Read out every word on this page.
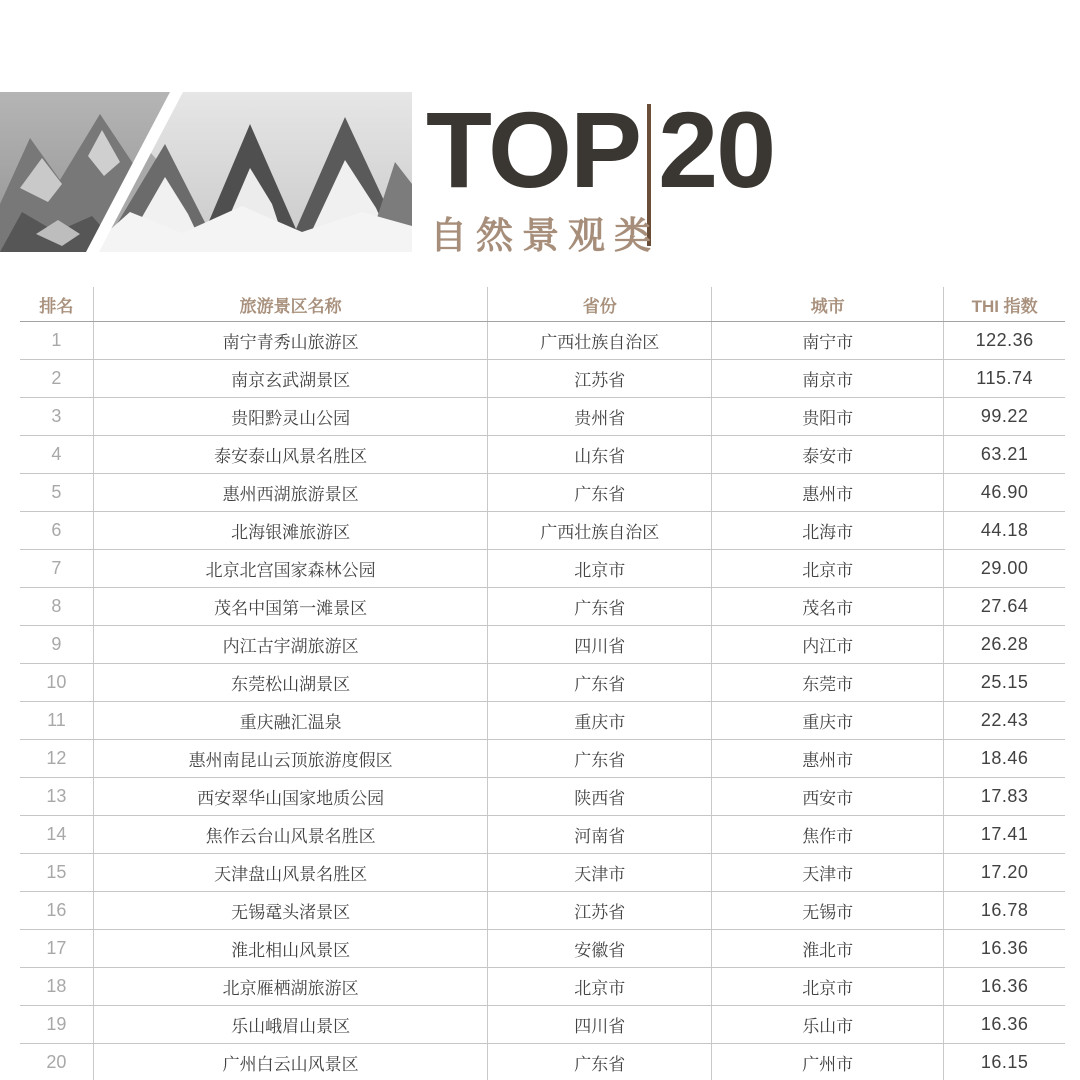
TOP 20
自然景观类
排名	旅游景区名称	省份	城市	THI 指数
1	南宁青秀山旅游区	广西壮族自治区	南宁市	122.36
2	南京玄武湖景区	江苏省	南京市	115.74
3	贵阳黔灵山公园	贵州省	贵阳市	99.22
4	泰安泰山风景名胜区	山东省	泰安市	63.21
5	惠州西湖旅游景区	广东省	惠州市	46.90
6	北海银滩旅游区	广西壮族自治区	北海市	44.18
7	北京北宫国家森林公园	北京市	北京市	29.00
8	茂名中国第一滩景区	广东省	茂名市	27.64
9	内江古宇湖旅游区	四川省	内江市	26.28
10	东莞松山湖景区	广东省	东莞市	25.15
11	重庆融汇温泉	重庆市	重庆市	22.43
12	惠州南昆山云顶旅游度假区	广东省	惠州市	18.46
13	西安翠华山国家地质公园	陕西省	西安市	17.83
14	焦作云台山风景名胜区	河南省	焦作市	17.41
15	天津盘山风景名胜区	天津市	天津市	17.20
16	无锡鼋头渚景区	江苏省	无锡市	16.78
17	淮北相山风景区	安徽省	淮北市	16.36
18	北京雁栖湖旅游区	北京市	北京市	16.36
19	乐山峨眉山景区	四川省	乐山市	16.36
20	广州白云山风景区	广东省	广州市	16.15
